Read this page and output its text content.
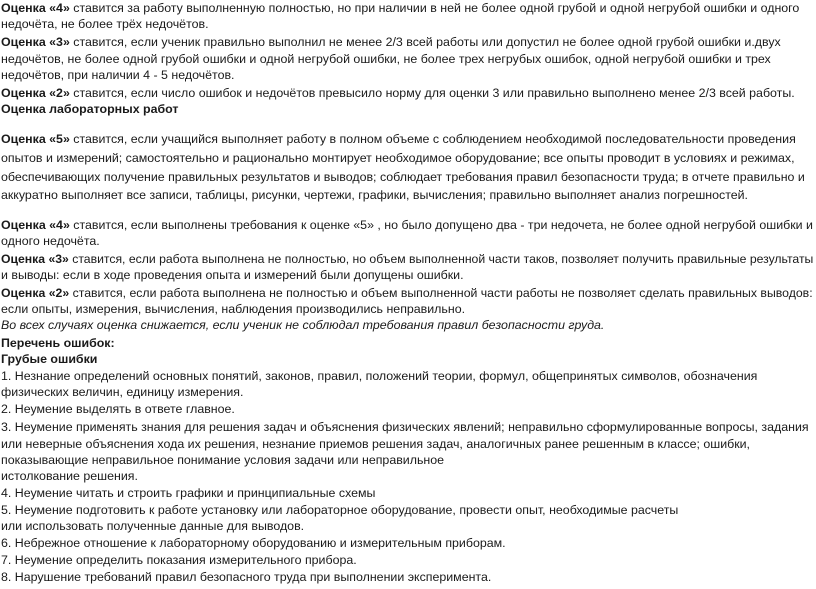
Оценка «4» ставится за работу выполненную полностью, но при наличии в ней не более одной грубой и одной негрубой ошибки и одного
недочёта, не более трёх недочётов.
Оценка «3» ставится, если ученик правильно выполнил не менее 2/3 всей работы или допустил не более одной грубой ошибки и.двух
недочётов, не более одной грубой ошибки и одной негрубой ошибки, не более трех негрубых ошибок, одной негрубой ошибки и трех
недочётов, при наличии 4 - 5 недочётов.
Оценка «2» ставится, если число ошибок и недочётов превысило норму для оценки 3 или правильно выполнено менее 2/3 всей работы.
Оценка лабораторных работ
Оценка «5» ставится, если учащийся выполняет работу в полном объеме с соблюдением необходимой последовательности проведения
опытов и измерений; самостоятельно и рационально монтирует необходимое оборудование; все опыты проводит в условиях и режимах,
обеспечивающих получение правильных результатов и выводов; соблюдает требования правил безопасности труда; в отчете правильно и
аккуратно выполняет все записи, таблицы, рисунки, чертежи, графики, вычисления; правильно выполняет анализ погрешностей.
Оценка «4» ставится, если выполнены требования к оценке «5» , но было допущено два - три недочета, не более одной негрубой ошибки и
одного недочёта.
Оценка «3» ставится, если работа выполнена не полностью, но объем выполненной части таков, позволяет получить правильные результаты
и выводы: если в ходе проведения опыта и измерений были допущены ошибки.
Оценка «2» ставится, если работа выполнена не полностью и объем выполненной части работы не позволяет сделать правильных выводов:
если опыты, измерения, вычисления, наблюдения производились неправильно.
Во всех случаях оценка снижается, если ученик не соблюдал требования правил безопасности груда.
Перечень ошибок:
Грубые ошибки
1. Незнание определений основных понятий, законов, правил, положений теории, формул, общепринятых символов, обозначения
физических величин, единицу измерения.
2. Неумение выделять в ответе главное.
3. Неумение применять знания для решения задач и объяснения физических явлений; неправильно сформулированные вопросы, задания
или неверные объяснения хода их решения, незнание приемов решения задач, аналогичных ранее решенным в классе; ошибки,
показывающие неправильное понимание условия задачи или неправильное
истолкование решения.
4. Неумение читать и строить графики и принципиальные схемы
5. Неумение подготовить к работе установку или лабораторное оборудование, провести опыт, необходимые расчеты
или использовать полученные данные для выводов.
6. Небрежное отношение к лабораторному оборудованию и измерительным приборам.
7. Неумение определить показания измерительного прибора.
8. Нарушение требований правил безопасного труда при выполнении эксперимента.
